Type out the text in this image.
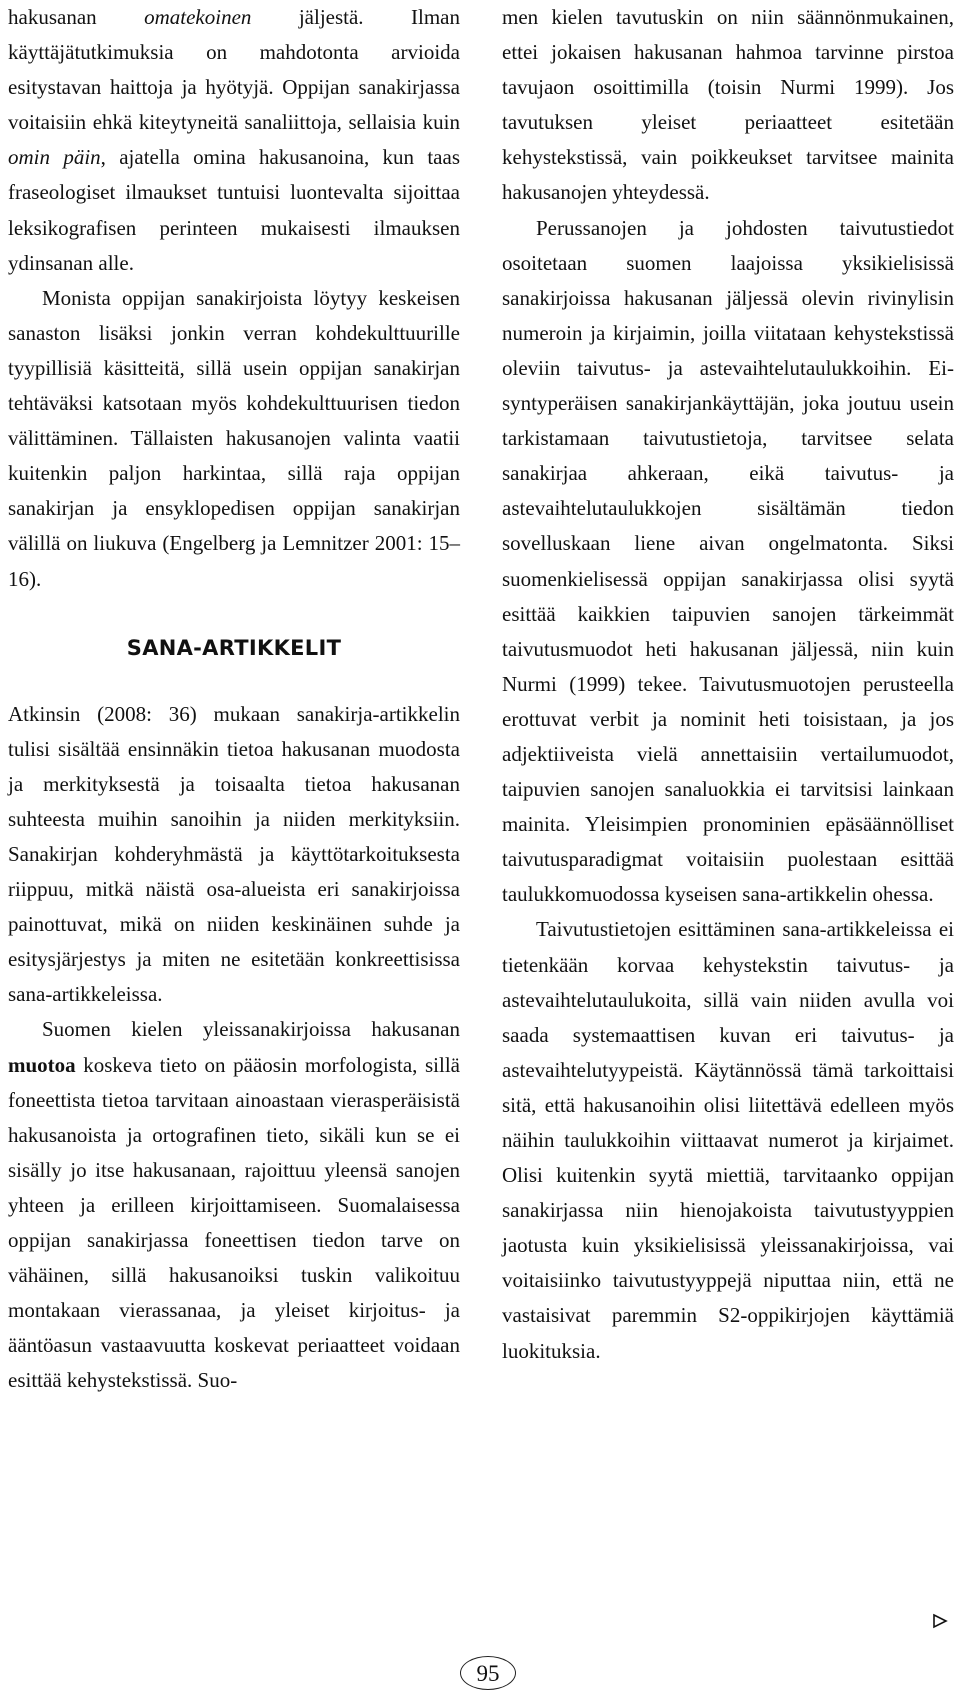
hakusanan omatekoinen jäljestä. Ilman käyttäjätutkimuksia on mahdotonta arvioida esitystavan haittoja ja hyötyjä. Oppijan sanakirjassa voitaisiin ehkä kiteytyneitä sanaliittoja, sellaisia kuin omin päin, ajatella omina hakusanoina, kun taas fraseologiset ilmaukset tuntuisi luontevalta sijoittaa leksikografisen perinteen mukaisesti ilmauksen ydinsanan alle.

Monista oppijan sanakirjoista löytyy keskeisen sanaston lisäksi jonkin verran kohdekulttuurille tyypillisiä käsitteitä, sillä usein oppijan sanakirjan tehtäväksi katsotaan myös kohdekulttuurisen tiedon välittäminen. Tällaisten hakusanojen valinta vaatii kuitenkin paljon harkintaa, sillä raja oppijan sanakirjan ja ensyklopedisen oppijan sanakirjan välillä on liukuva (Engelberg ja Lemnitzer 2001: 15–16).

SANA-ARTIKKELIT

Atkinsin (2008: 36) mukaan sanakirja-artikkelin tulisi sisältää ensinnäkin tietoa hakusanan muodosta ja merkityksestä ja toisaalta tietoa hakusanan suhteesta muihin sanoihin ja niiden merkityksiin. Sanakirjan kohderyhmästä ja käyttötarkoituksesta riippuu, mitkä näistä osa-alueista eri sanakirjoissa painottuvat, mikä on niiden keskinäinen suhde ja esitysjärjestys ja miten ne esitetään konkreettisissa sana-artikkeleissa.

Suomen kielen yleissanakirjoissa hakusanan muotoa koskeva tieto on pääosin morfologista, sillä foneettista tietoa tarvitaan ainoastaan vierasperäisistä hakusanoista ja ortografinen tieto, sikäli kun se ei sisälly jo itse hakusanaan, rajoittuu yleensä sanojen yhteen ja erilleen kirjoittamiseen. Suomalaisessa oppijan sanakirjassa foneettisen tiedon tarve on vähäinen, sillä hakusanoiksi tuskin valikoituu montakaan vierassanaa, ja yleiset kirjoitus- ja ääntöasun vastaavuutta koskevat periaatteet voidaan esittää kehystekstissä. Suo-

men kielen tavutuskin on niin säännönmukainen, ettei jokaisen hakusanan hahmoa tarvinne pirstoa tavujaon osoittimilla (toisin Nurmi 1999). Jos tavutuksen yleiset periaatteet esitetään kehystekstissä, vain poikkeukset tarvitsee mainita hakusanojen yhteydessä.

Perussanojen ja johdosten taivutustiedot osoitetaan suomen laajoissa yksikielisissä sanakirjoissa hakusanan jäljessä olevin rivinylisin numeroin ja kirjaimin, joilla viitataan kehystekstissä oleviin taivutus- ja astevaihtelutaulukkoihin. Ei-syntyperäisen sanakirjankäyttäjän, joka joutuu usein tarkistamaan taivutustietoja, tarvitsee selata sanakirjaa ahkeraan, eikä taivutus- ja astevaihtelutaulukkojen sisältämän tiedon sovelluskaan liene aivan ongelmatonta. Siksi suomenkielisessä oppijan sanakirjassa olisi syytä esittää kaikkien taipuvien sanojen tärkeimmät taivutusmuodot heti hakusanan jäljessä, niin kuin Nurmi (1999) tekee. Taivutusmuotojen perusteella erottuvat verbit ja nominit heti toisistaan, ja jos adjektiiveista vielä annettaisiin vertailumuodot, taipuvien sanojen sanaluokkia ei tarvitsisi lainkaan mainita. Yleisimpien pronominien epäsäännölliset taivutusparadigmat voitaisiin puolestaan esittää taulukkomuodossa kyseisen sana-artikkelin ohessa.

Taivutustietojen esittäminen sana-artikkeleissa ei tietenkään korvaa kehystekstin taivutus- ja astevaihtelutaulukoita, sillä vain niiden avulla voi saada systemaattisen kuvan eri taivutus- ja astevaihtelutyypeistä. Käytännössä tämä tarkoittaisi sitä, että hakusanoihin olisi liitettävä edelleen myös näihin taulukkoihin viittaavat numerot ja kirjaimet. Olisi kuitenkin syytä miettiä, tarvitaanko oppijan sanakirjassa niin hienojakoista taivutustyyppien jaotusta kuin yksikielisissä yleissanakirjoissa, vai voitaisiinko taivutustyyppejä niputtaa niin, että ne vastaisivat paremmin S2-oppikirjojen käyttämiä luokituksia.

95
